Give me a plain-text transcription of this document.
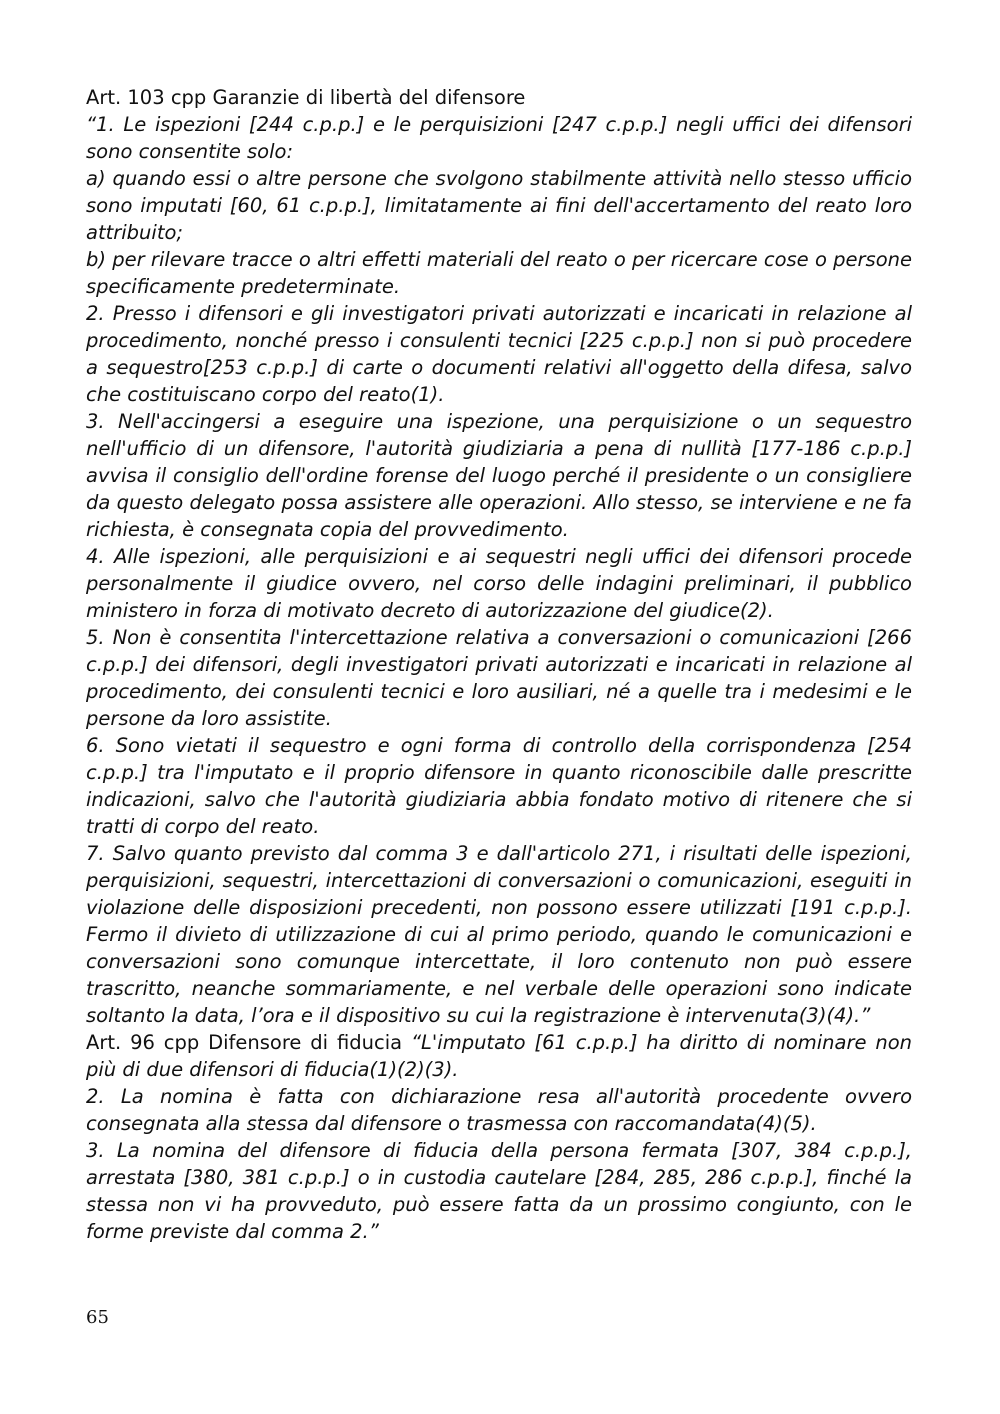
Art. 103 cpp Garanzie di libertà del difensore

“1. Le ispezioni [244 c.p.p.] e le perquisizioni [247 c.p.p.] negli uffici dei difensori sono consentite solo:

a) quando essi o altre persone che svolgono stabilmente attività nello stesso ufficio sono imputati [60, 61 c.p.p.], limitatamente ai fini dell'accertamento del reato loro attribuito;

b) per rilevare tracce o altri effetti materiali del reato o per ricercare cose o persone specificamente predeterminate.

2. Presso i difensori e gli investigatori privati autorizzati e incaricati in relazione al procedimento, nonché presso i consulenti tecnici [225 c.p.p.] non si può procedere a sequestro[253 c.p.p.] di carte o documenti relativi all'oggetto della difesa, salvo che costituiscano corpo del reato(1).

3. Nell'accingersi a eseguire una ispezione, una perquisizione o un sequestro nell'ufficio di un difensore, l'autorità giudiziaria a pena di nullità [177-186 c.p.p.] avvisa il consiglio dell'ordine forense del luogo perché il presidente o un consigliere da questo delegato possa assistere alle operazioni. Allo stesso, se interviene e ne fa richiesta, è consegnata copia del provvedimento.

4. Alle ispezioni, alle perquisizioni e ai sequestri negli uffici dei difensori procede personalmente il giudice ovvero, nel corso delle indagini preliminari, il pubblico ministero in forza di motivato decreto di autorizzazione del giudice(2).

5. Non è consentita l'intercettazione relativa a conversazioni o comunicazioni [266 c.p.p.] dei difensori, degli investigatori privati autorizzati e incaricati in relazione al procedimento, dei consulenti tecnici e loro ausiliari, né a quelle tra i medesimi e le persone da loro assistite.

6. Sono vietati il sequestro e ogni forma di controllo della corrispondenza [254 c.p.p.] tra l'imputato e il proprio difensore in quanto riconoscibile dalle prescritte indicazioni, salvo che l'autorità giudiziaria abbia fondato motivo di ritenere che si tratti di corpo del reato.

7. Salvo quanto previsto dal comma 3 e dall'articolo 271, i risultati delle ispezioni, perquisizioni, sequestri, intercettazioni di conversazioni o comunicazioni, eseguiti in violazione delle disposizioni precedenti, non possono essere utilizzati [191 c.p.p.]. Fermo il divieto di utilizzazione di cui al primo periodo, quando le comunicazioni e conversazioni sono comunque intercettate, il loro contenuto non può essere trascritto, neanche sommariamente, e nel verbale delle operazioni sono indicate soltanto la data, l’ora e il dispositivo su cui la registrazione è intervenuta(3)(4).”

Art. 96 cpp Difensore di fiducia “L'imputato [61 c.p.p.] ha diritto di nominare non più di due difensori di fiducia(1)(2)(3).

2. La nomina è fatta con dichiarazione resa all'autorità procedente ovvero consegnata alla stessa dal difensore o trasmessa con raccomandata(4)(5).

3. La nomina del difensore di fiducia della persona fermata [307, 384 c.p.p.], arrestata [380, 381 c.p.p.] o in custodia cautelare [284, 285, 286 c.p.p.], finché la stessa non vi ha provveduto, può essere fatta da un prossimo congiunto, con le forme previste dal comma 2.”

65
